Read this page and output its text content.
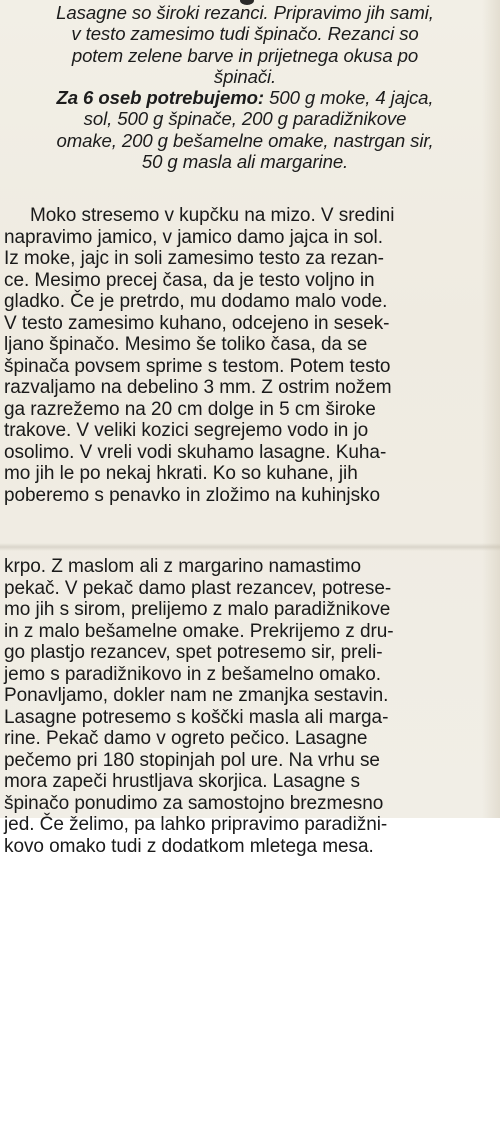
Lasagne so široki rezanci. Pripravimo jih sami,
v testo zamesimo tudi špinačo. Rezanci so
potem zelene barve in prijetnega okusa po
špinači.
Za 6 oseb potrebujemo: 500 g moke, 4 jajca,
sol, 500 g špinače, 200 g paradižnikove
omake, 200 g bešamelne omake, nastrgan sir,
50 g masla ali margarine.

Moko stresemo v kupčku na mizo. V sredini
napravimo jamico, v jamico damo jajca in sol.
Iz moke, jajc in soli zamesimo testo za rezan-
ce. Mesimo precej časa, da je testo voljno in
gladko. Če je pretrdo, mu dodamo malo vode.
V testo zamesimo kuhano, odcejeno in sesek-
ljano špinačo. Mesimo še toliko časa, da se
špinača povsem sprime s testom. Potem testo
razvaljamo na debelino 3 mm. Z ostrim nožem
ga razrežemo na 20 cm dolge in 5 cm široke
trakove. V veliki kozici segrejemo vodo in jo
osolimo. V vreli vodi skuhamo lasagne. Kuha-
mo jih le po nekaj hkrati. Ko so kuhane, jih
poberemo s penavko in zložimo na kuhinjsko

krpo. Z maslom ali z margarino namastimo
pekač. V pekač damo plast rezancev, potrese-
mo jih s sirom, prelijemo z malo paradižnikove
in z malo bešamelne omake. Prekrijemo z dru-
go plastjo rezancev, spet potresemo sir, preli-
jemo s paradižnikovo in z bešamelno omako.
Ponavljamo, dokler nam ne zmanjka sestavin.
Lasagne potresemo s koščki masla ali marga-
rine. Pekač damo v ogreto pečico. Lasagne
pečemo pri 180 stopinjah pol ure. Na vrhu se
mora zapeči hrustljava skorjica. Lasagne s
špinačo ponudimo za samostojno brezmesno
jed. Če želimo, pa lahko pripravimo paradižni-
kovo omako tudi z dodatkom mletega mesa.
